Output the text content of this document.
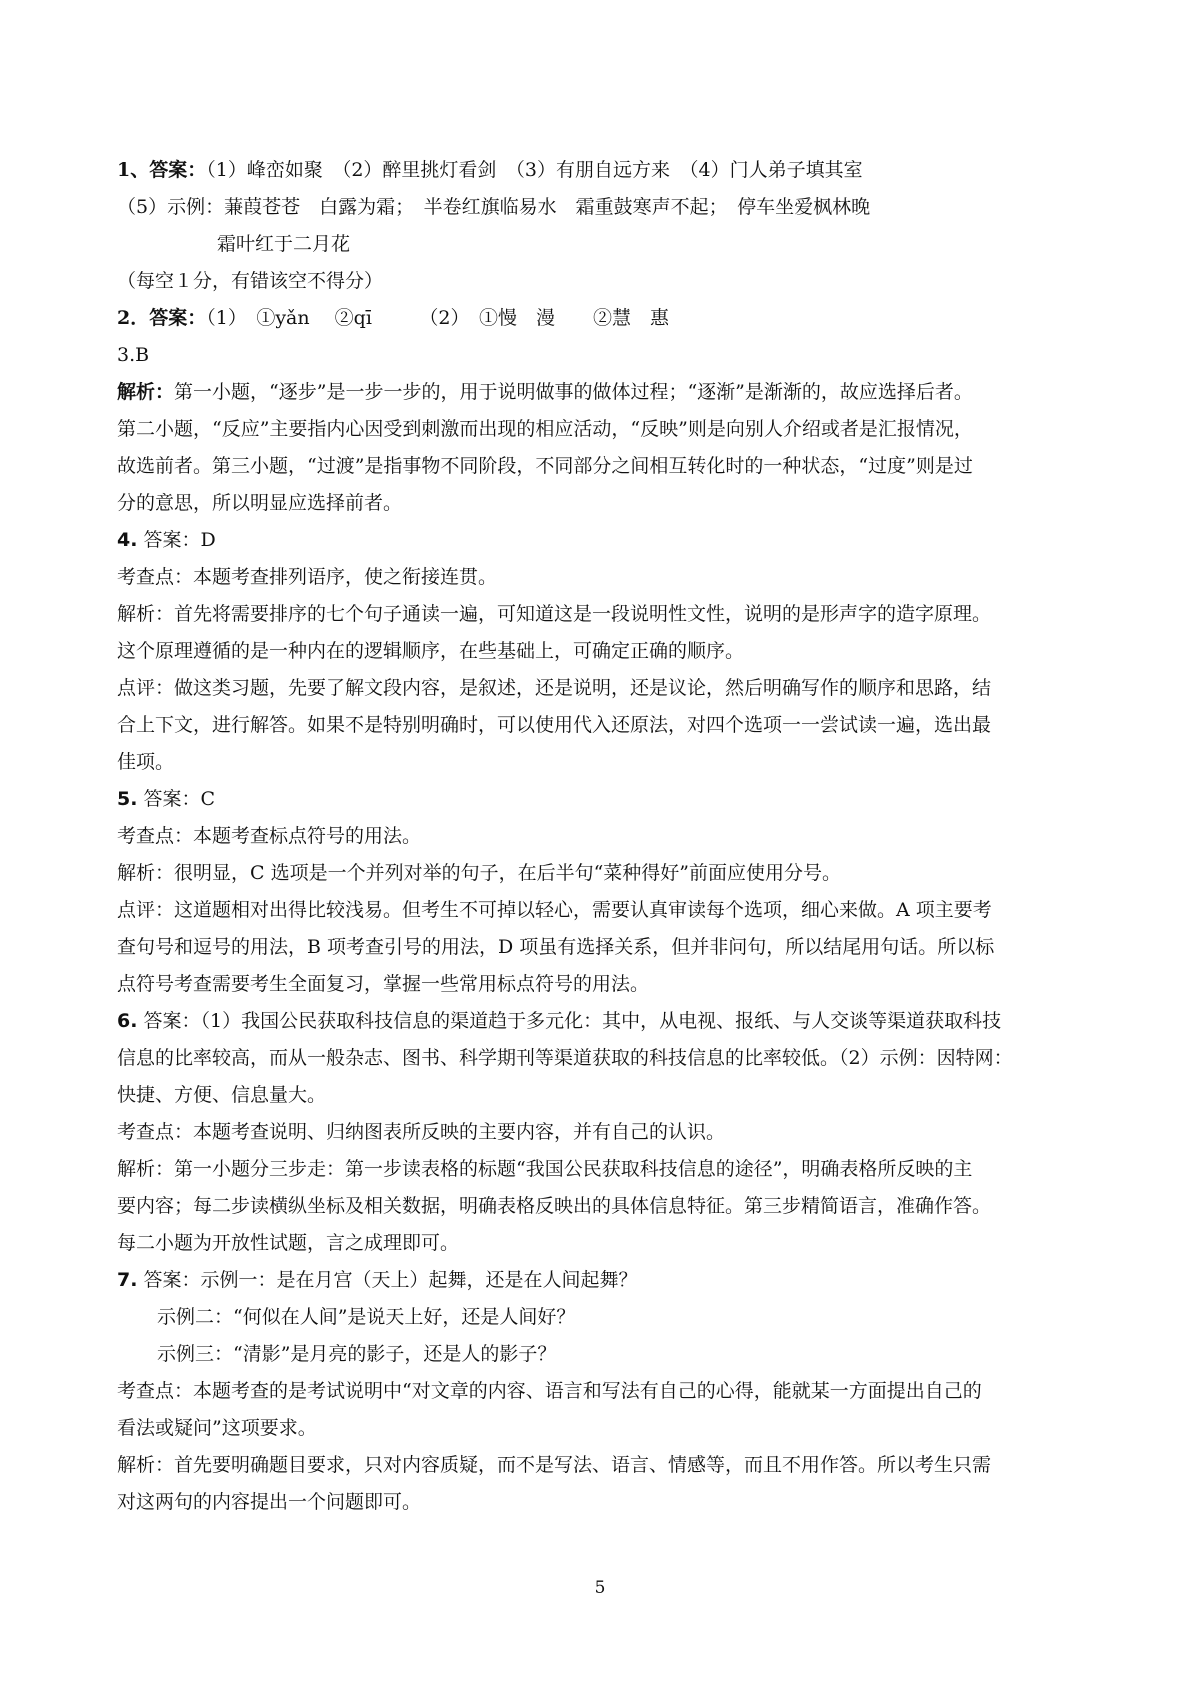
1、答案：（1）峰峦如聚　（2）醉里挑灯看剑　（3）有朋自远方来　（4）门人弟子填其室
（5）示例：蒹葭苍苍　白露为霜；　半卷红旗临易水　霜重鼓寒声不起；　停车坐爱枫林晚
霜叶红于二月花
（每空１分，有错该空不得分）
2．答案：（1）　①yǎn　 ②qī　　　（2）　①慢　漫　　②慧　惠
3.B
解析：第一小题，“逐步”是一步一步的，用于说明做事的做体过程；“逐渐”是渐渐的，故应选择后者。
第二小题，“反应”主要指内心因受到刺激而出现的相应活动，“反映”则是向别人介绍或者是汇报情况，
故选前者。第三小题，“过渡”是指事物不同阶段，不同部分之间相互转化时的一种状态，“过度”则是过
分的意思，所以明显应选择前者。
4. 答案：D
考查点：本题考查排列语序，使之衔接连贯。
解析：首先将需要排序的七个句子通读一遍，可知道这是一段说明性文性，说明的是形声字的造字原理。
这个原理遵循的是一种内在的逻辑顺序，在些基础上，可确定正确的顺序。
点评：做这类习题，先要了解文段内容，是叙述，还是说明，还是议论，然后明确写作的顺序和思路，结
合上下文，进行解答。如果不是特别明确时，可以使用代入还原法，对四个选项一一尝试读一遍，选出最
佳项。
5. 答案：C
考查点：本题考查标点符号的用法。
解析：很明显，C 选项是一个并列对举的句子，在后半句“菜种得好”前面应使用分号。
点评：这道题相对出得比较浅易。但考生不可掉以轻心，需要认真审读每个选项，细心来做。A 项主要考
查句号和逗号的用法，B 项考查引号的用法，D 项虽有选择关系，但并非问句，所以结尾用句话。所以标
点符号考查需要考生全面复习，掌握一些常用标点符号的用法。
6. 答案：（1）我国公民获取科技信息的渠道趋于多元化：其中，从电视、报纸、与人交谈等渠道获取科技
信息的比率较高，而从一般杂志、图书、科学期刊等渠道获取的科技信息的比率较低。（2）示例：因特网：
快捷、方便、信息量大。
考查点：本题考查说明、归纳图表所反映的主要内容，并有自己的认识。
解析：第一小题分三步走：第一步读表格的标题“我国公民获取科技信息的途径”，明确表格所反映的主
要内容；每二步读横纵坐标及相关数据，明确表格反映出的具体信息特征。第三步精简语言，准确作答。
每二小题为开放性试题，言之成理即可。
7. 答案：示例一：是在月宫（天上）起舞，还是在人间起舞？
示例二：“何似在人间”是说天上好，还是人间好？
示例三：“清影”是月亮的影子，还是人的影子？
考查点：本题考查的是考试说明中“对文章的内容、语言和写法有自己的心得，能就某一方面提出自己的
看法或疑问”这项要求。
解析：首先要明确题目要求，只对内容质疑，而不是写法、语言、情感等，而且不用作答。所以考生只需
对这两句的内容提出一个问题即可。
5
